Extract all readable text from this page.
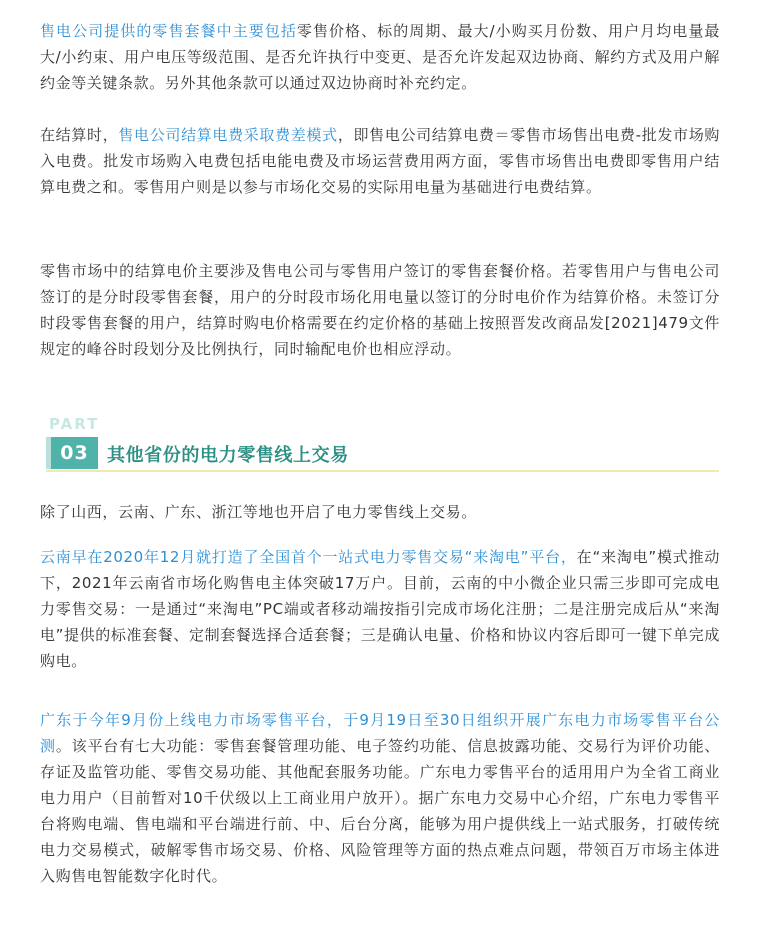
售电公司提供的零售套餐中主要包括零售价格、标的周期、最大/小购买月份数、用户月均电量最大/小约束、用户电压等级范围、是否允许执行中变更、是否允许发起双边协商、解约方式及用户解约金等关键条款。另外其他条款可以通过双边协商时补充约定。

在结算时，售电公司结算电费采取费差模式，即售电公司结算电费＝零售市场售出电费-批发市场购入电费。批发市场购入电费包括电能电费及市场运营费用两方面，零售市场售出电费即零售用户结算电费之和。零售用户则是以参与市场化交易的实际用电量为基础进行电费结算。

零售市场中的结算电价主要涉及售电公司与零售用户签订的零售套餐价格。若零售用户与售电公司签订的是分时段零售套餐，用户的分时段市场化用电量以签订的分时电价作为结算价格。未签订分时段零售套餐的用户，结算时购电价格需要在约定价格的基础上按照晋发改商品发[2021]479文件规定的峰谷时段划分及比例执行，同时输配电价也相应浮动。

PART
03	其他省份的电力零售线上交易

除了山西，云南、广东、浙江等地也开启了电力零售线上交易。

云南早在2020年12月就打造了全国首个一站式电力零售交易“来淘电”平台，在“来淘电”模式推动下，2021年云南省市场化购售电主体突破17万户。目前，云南的中小微企业只需三步即可完成电力零售交易：一是通过“来淘电”PC端或者移动端按指引完成市场化注册；二是注册完成后从“来淘电”提供的标准套餐、定制套餐选择合适套餐；三是确认电量、价格和协议内容后即可一键下单完成购电。

广东于今年9月份上线电力市场零售平台，于9月19日至30日组织开展广东电力市场零售平台公测。该平台有七大功能：零售套餐管理功能、电子签约功能、信息披露功能、交易行为评价功能、存证及监管功能、零售交易功能、其他配套服务功能。广东电力零售平台的适用用户为全省工商业电力用户（目前暂对10千伏级以上工商业用户放开）。据广东电力交易中心介绍，广东电力零售平台将购电端、售电端和平台端进行前、中、后台分离，能够为用户提供线上一站式服务，打破传统电力交易模式，破解零售市场交易、价格、风险管理等方面的热点难点问题，带领百万市场主体进入购售电智能数字化时代。
